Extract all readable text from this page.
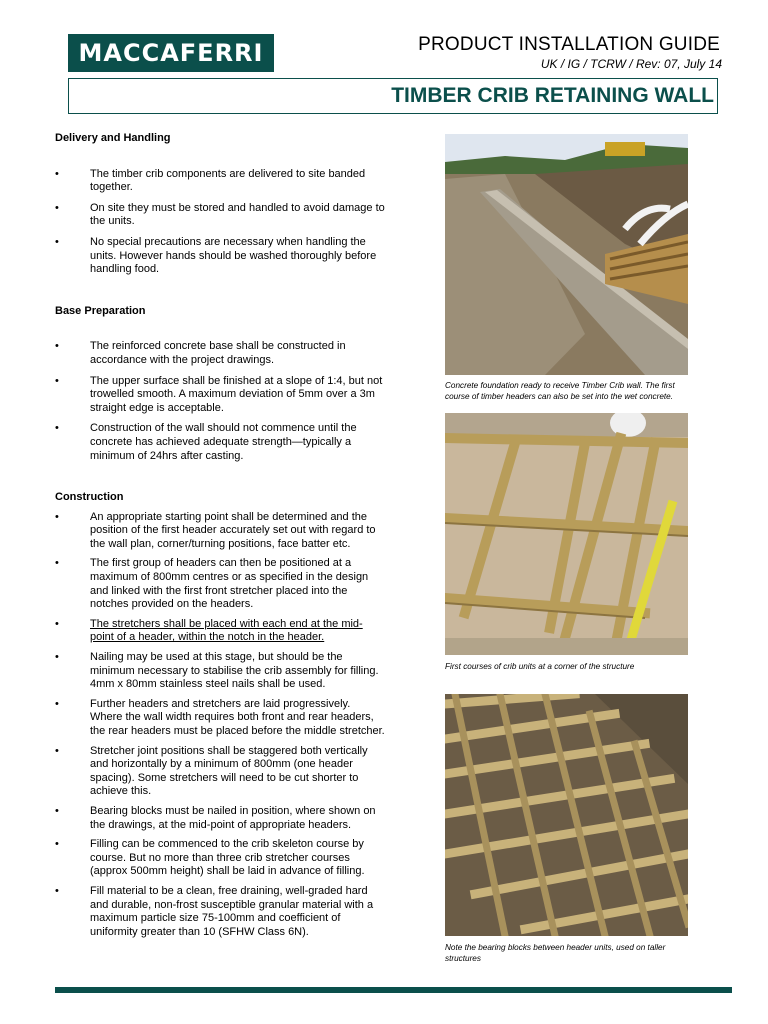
MACCAFERRI	PRODUCT INSTALLATION GUIDE
UK / IG / TCRW / Rev: 07, July 14
TIMBER CRIB RETAINING WALL

Delivery and Handling

• The timber crib components are delivered to site banded together.
• On site they must be stored and handled to avoid damage to the units.
• No special precautions are necessary when handling the units. However hands should be washed thoroughly before handling food.

Base Preparation

• The reinforced concrete base shall be constructed in accordance with the project drawings.
• The upper surface shall be finished at a slope of 1:4, but not trowelled smooth. A maximum deviation of 5mm over a 3m straight edge is acceptable.
• Construction of the wall should not commence until the concrete has achieved adequate strength—typically a minimum of 24hrs after casting.

Construction

• An appropriate starting point shall be determined and the position of the first header accurately set out with regard to the wall plan, corner/turning positions, face batter etc.
• The first group of headers can then be positioned at a maximum of 800mm centres or as specified in the design and linked with the first front stretcher placed into the notches provided on the headers.
• The stretchers shall be placed with each end at the mid-point of a header, within the notch in the header.
• Nailing may be used at this stage, but should be the minimum necessary to stabilise the crib assembly for filling. 4mm x 80mm stainless steel nails shall be used.
• Further headers and stretchers are laid progressively. Where the wall width requires both front and rear headers, the rear headers must be placed before the middle stretcher.
• Stretcher joint positions shall be staggered both vertically and horizontally by a minimum of 800mm (one header spacing). Some stretchers will need to be cut shorter to achieve this.
• Bearing blocks must be nailed in position, where shown on the drawings, at the mid-point of appropriate headers.
• Filling can be commenced to the crib skeleton course by course. But no more than three crib stretcher courses (approx 500mm height) shall be laid in advance of filling.
• Fill material to be a clean, free draining, well-graded hard and durable, non-frost susceptible granular material with a maximum particle size 75-100mm and coefficient of uniformity greater than 10 (SFHW Class 6N).
Concrete foundation ready to receive Timber Crib wall. The first course of timber headers can also be set into the wet concrete.
First courses of crib units at a corner of the structure
Note the bearing blocks between header units, used on taller structures
